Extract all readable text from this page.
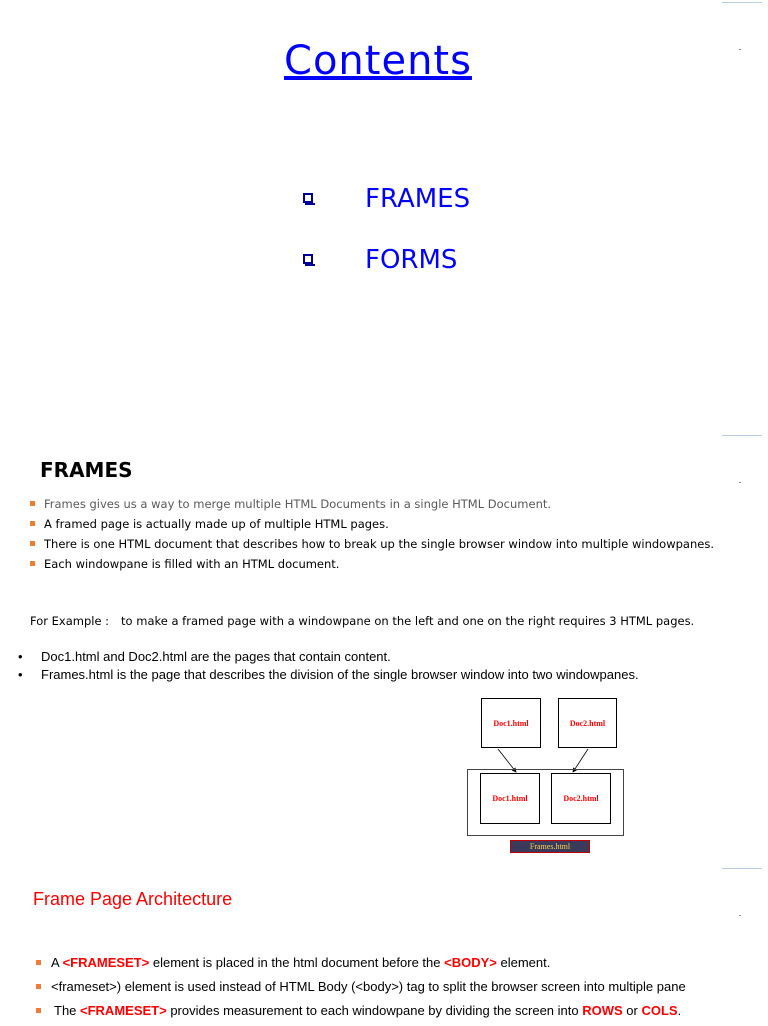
Contents
FRAMES
FORMS
FRAMES
Frames gives us a way to merge multiple HTML Documents in a single HTML Document.
A framed page is actually made up of multiple HTML pages.
There is one HTML document that describes how to break up the single browser window into multiple windowpanes.
Each windowpane is filled with an HTML document.
For Example : to make a framed page with a windowpane on the left and one on the right requires 3 HTML pages.
• Doc1.html and Doc2.html are the pages that contain content.
• Frames.html is the page that describes the division of the single browser window into two windowpanes.
Doc1.html	Doc2.html
Doc1.html	Doc2.html
Frames.html
Frame Page Architecture
A <FRAMESET> element is placed in the html document before the <BODY> element.
<frameset>) element is used instead of HTML Body (<body>) tag to split the browser screen into multiple pane
The <FRAMESET> provides measurement to each windowpane by dividing the screen into ROWS or COLS.
